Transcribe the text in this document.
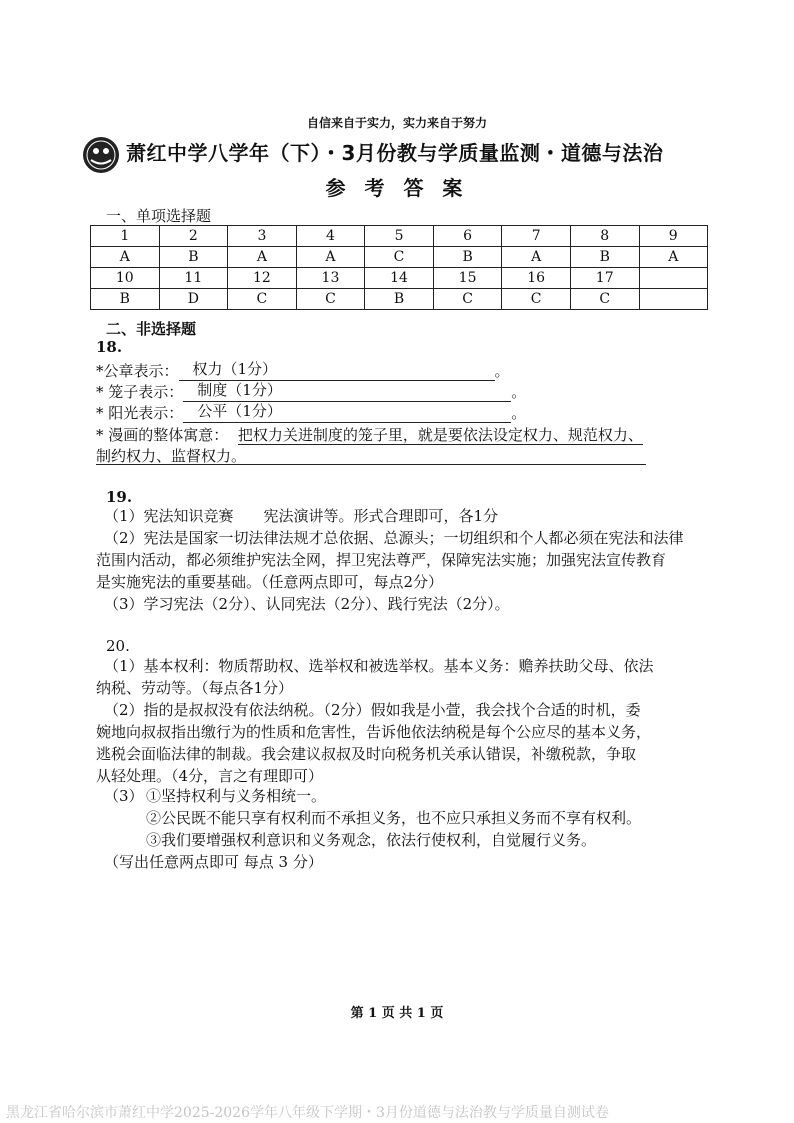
自信来自于实力，实力来自于努力
萧红中学八学年（下）・3月份教与学质量监测・道德与法治
参 考 答 案
一、单项选择题
1	2	3	4	5	6	7	8	9
A	B	A	A	C	B	A	B	A
10	11	12	13	14	15	16	17	
B	D	C	C	B	C	C	C	
二、非选择题
18.
*公章表示： 权力（1分）	。
* 笼子表示： 制度（1分）	。
* 阳光表示： 公平（1分）	。
* 漫画的整体寓意： 把权力关进制度的笼子里，就是要依法设定权力、规范权力、
制约权力、监督权力。
19.
（1）宪法知识竞赛　　宪法演讲等。形式合理即可，各1分
（2）宪法是国家一切法律法规才总依据、总源头；一切组织和个人都必须在宪法和法律
范围内活动，都必须维护宪法全网，捍卫宪法尊严，保障宪法实施；加强宪法宣传教育
是实施宪法的重要基础。（任意两点即可，每点2分）
（3）学习宪法（2分）、认同宪法（2分）、践行宪法（2分）。
20.
（1）基本权利：物质帮助权、选举权和被选举权。基本义务：赡养扶助父母、依法
纳税、劳动等。（每点各1分）
（2）指的是叔叔没有依法纳税。（2分）假如我是小萱，我会找个合适的时机，委
婉地向叔叔指出缴行为的性质和危害性，告诉他依法纳税是每个公应尽的基本义务，
逃税会面临法律的制裁。我会建议叔叔及时向税务机关承认错误，补缴税款，争取
从轻处理。（4分，言之有理即可）
（3） ①坚持权利与义务相统一。
②公民既不能只享有权利而不承担义务，也不应只承担义务而不享有权利。
③我们要增强权利意识和义务观念，依法行使权利，自觉履行义务。
（写出任意两点即可 每点 3 分）
第 1 页 共 1 页
黑龙江省哈尔滨市萧红中学2025-2026学年八年级下学期・3月份道德与法治教与学质量自测试卷
